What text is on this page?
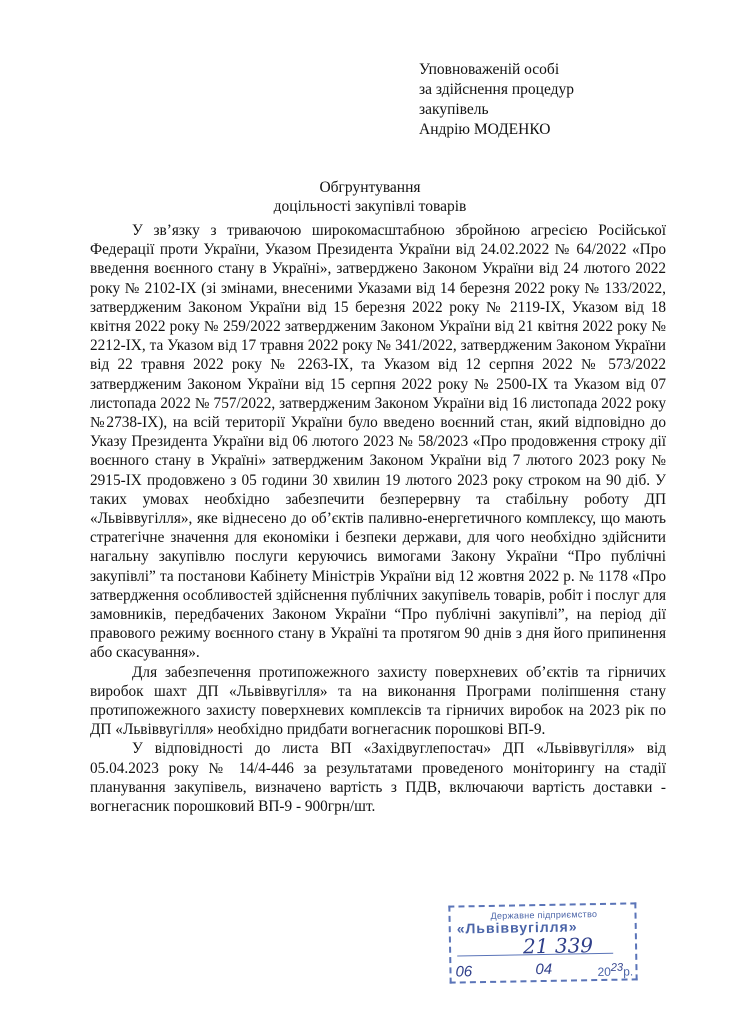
Уповноваженій особі
за здійснення процедур
закупівель
Андрію МОДЕНКО
Обгрунтування
доцільності закупівлі товарів

У зв’язку з триваючою широкомасштабною збройною агресією Російської Федерації проти України, Указом Президента України від 24.02.2022 № 64/2022 «Про введення воєнного стану в Україні», затверджено Законом України від 24 лютого 2022 року № 2102-IX (зі змінами, внесеними Указами від 14 березня 2022 року № 133/2022, затвердженим Законом України від 15 березня 2022 року № 2119-IX, Указом від 18 квітня 2022 року № 259/2022 затвердженим Законом України від 21 квітня 2022 року № 2212-IX, та Указом від 17 травня 2022 року № 341/2022, затвердженим Законом України від 22 травня 2022 року № 2263-IX, та Указом від 12 серпня 2022 № 573/2022 затвердженим Законом України від 15 серпня 2022 року № 2500-IX та Указом від 07 листопада 2022 № 757/2022, затвердженим Законом України від 16 листопада 2022 року №2738-IX), на всій території України було введено воєнний стан, який відповідно до Указу Президента України від 06 лютого 2023 № 58/2023 «Про продовження строку дії воєнного стану в Україні» затвердженим Законом України від 7 лютого 2023 року № 2915-IX продовжено з 05 години 30 хвилин 19 лютого 2023 року строком на 90 діб. У таких умовах необхідно забезпечити безперервну та стабільну роботу ДП «Львіввугілля», яке віднесено до об’єктів паливно-енергетичного комплексу, що мають стратегічне значення для економіки і безпеки держави, для чого необхідно здійснити нагальну закупівлю послуги керуючись вимогами Закону України “Про публічні закупівлі” та постанови Кабінету Міністрів України від 12 жовтня 2022 р. № 1178 «Про затвердження особливостей здійснення публічних закупівель товарів, робіт і послуг для замовників, передбачених Законом України “Про публічні закупівлі”, на період дії правового режиму воєнного стану в Україні та протягом 90 днів з дня його припинення або скасування».

Для забезпечення протипожежного захисту поверхневих об’єктів та гірничих виробок шахт ДП «Львіввугілля» та на виконання Програми поліпшення стану протипожежного захисту поверхневих комплексів та гірничих виробок на 2023 рік по ДП «Львіввугілля» необхідно придбати вогнегасник порошкові ВП-9.

У відповідності до листа ВП «Західвуглепостач» ДП «Львіввугілля» від 05.04.2023 року № 14/4-446 за результатами проведеного моніторингу на стадії планування закупівель, визначено вартість з ПДВ, включаючи вартість доставки - вогнегасник порошковий ВП-9 - 900грн/шт.

Державне підприємство
«Львіввугілля»
21 339
06	04	$20^{23}р$.
